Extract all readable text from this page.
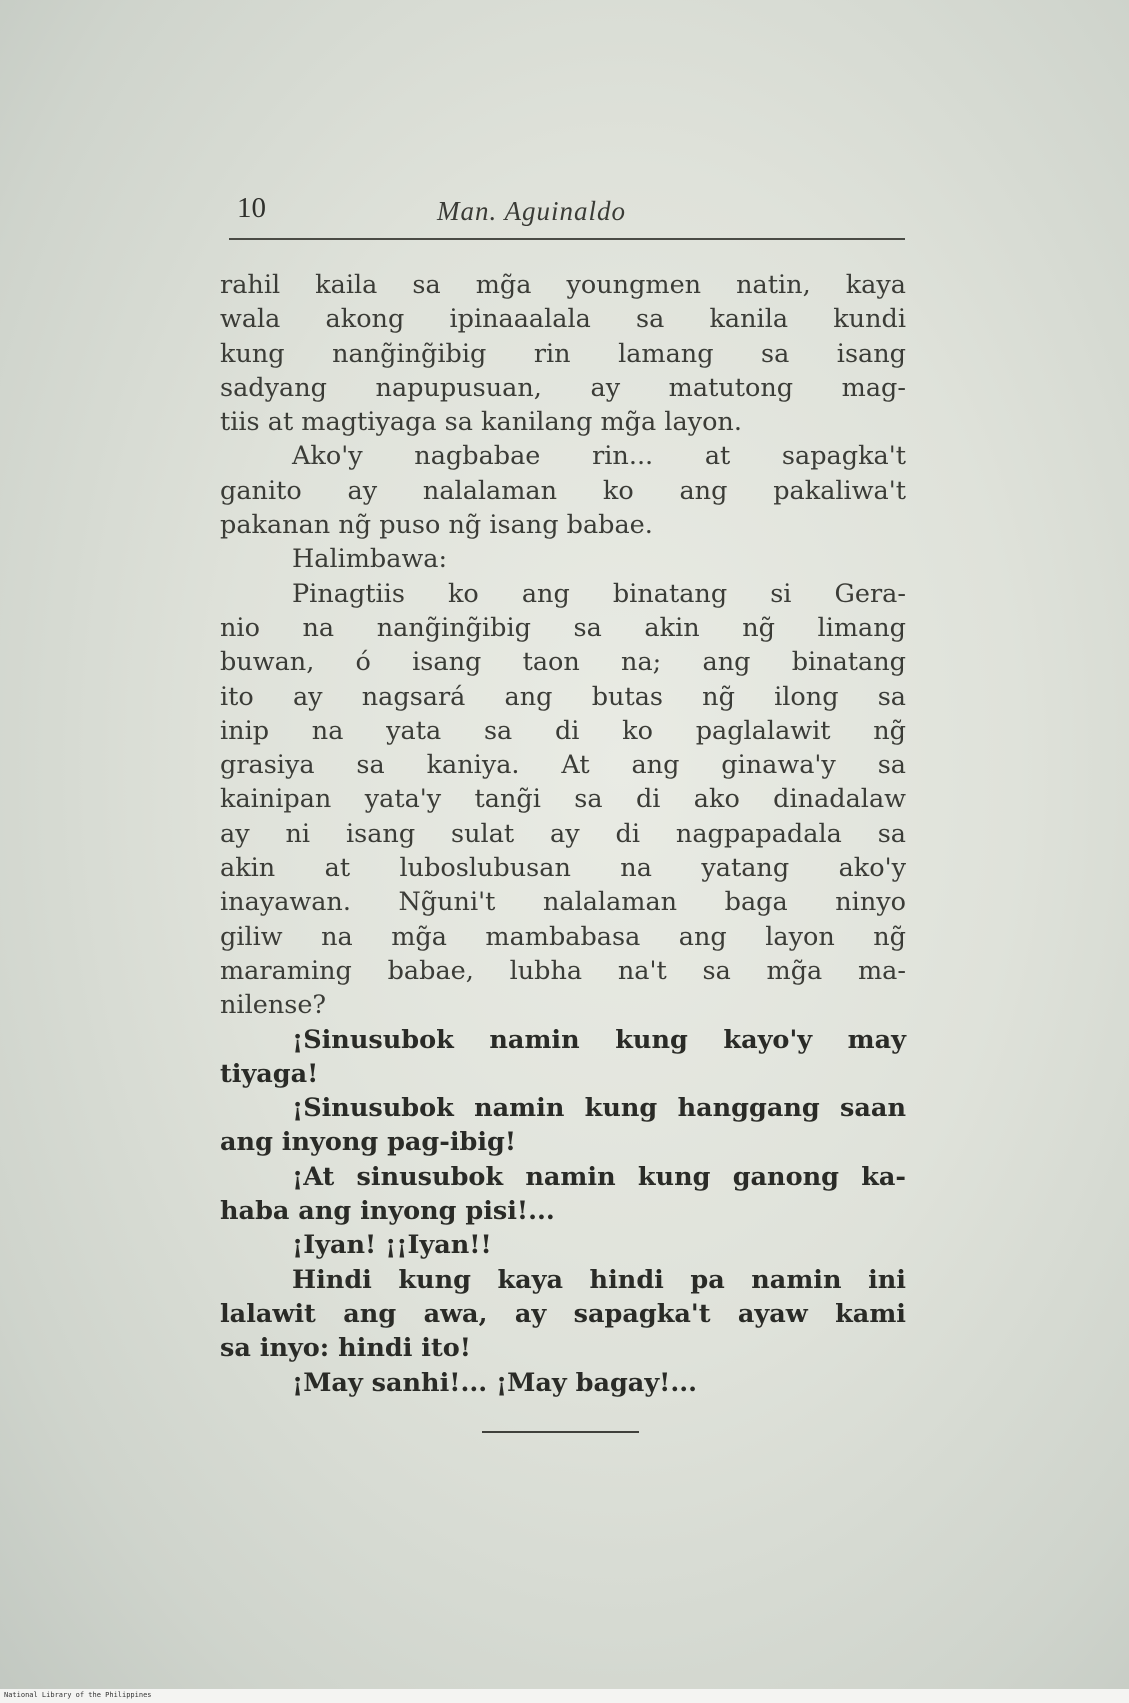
10	Man. Aguinaldo
rahil kaila sa mg̃a youngmen natin, kaya
wala akong ipinaaalala sa kanila kundi
kung nang̃ing̃ibig rin lamang sa isang
sadyang napupusuan, ay matutong mag-
tiis at magtiyaga sa kanilang mg̃a layon.
Ako'y nagbabae rin... at sapagka't
ganito ay nalalaman ko ang pakaliwa't
pakanan ng̃ puso ng̃ isang babae.
Halimbawa:
Pinagtiis ko ang binatang si Gera-
nio na nang̃ing̃ibig sa akin ng̃ limang
buwan, ó isang taon na; ang binatang
ito ay nagsará ang butas ng̃ ilong sa
inip na yata sa di ko paglalawit ng̃
grasiya sa kaniya. At ang ginawa'y sa
kainipan yata'y tang̃i sa di ako dinadalaw
ay ni isang sulat ay di nagpapadala sa
akin at luboslubusan na yatang ako'y
inayawan. Ng̃uni't nalalaman baga ninyo
giliw na mg̃a mambabasa ang layon ng̃
maraming babae, lubha na't sa mg̃a ma-
nilense?
¡Sinusubok namin kung kayo'y may
tiyaga!
¡Sinusubok namin kung hanggang saan
ang inyong pag-ibig!
¡At sinusubok namin kung ganong ka-
haba ang inyong pisi!...
¡Iyan! ¡¡Iyan!!
Hindi kung kaya hindi pa namin ini
lalawit ang awa, ay sapagka't ayaw kami
sa inyo: hindi ito!
¡May sanhi!... ¡May bagay!...
National Library of the Philippines
